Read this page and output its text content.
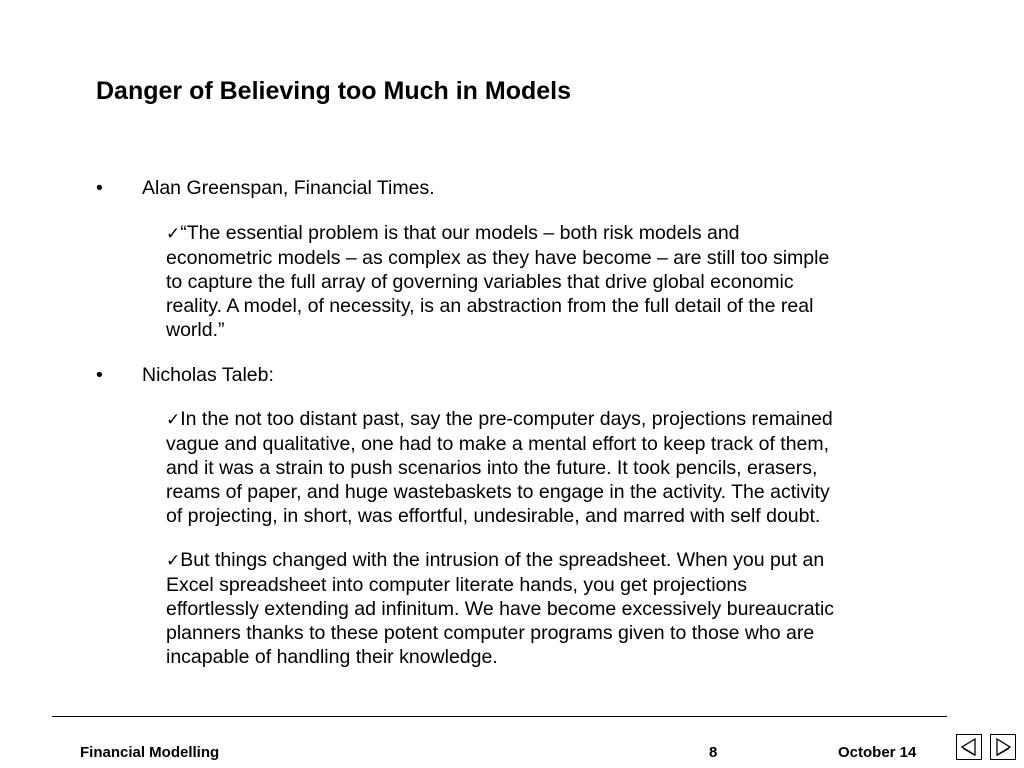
Danger of Believing too Much in Models
• Alan Greenspan, Financial Times.
✓“The essential problem is that our models – both risk models and
econometric models – as complex as they have become – are still too simple
to capture the full array of governing variables that drive global economic
reality. A model, of necessity, is an abstraction from the full detail of the real
world.”
• Nicholas Taleb:
✓In the not too distant past, say the pre-computer days, projections remained
vague and qualitative, one had to make a mental effort to keep track of them,
and it was a strain to push scenarios into the future. It took pencils, erasers,
reams of paper, and huge wastebaskets to engage in the activity. The activity
of projecting, in short, was effortful, undesirable, and marred with self doubt.
✓But things changed with the intrusion of the spreadsheet. When you put an
Excel spreadsheet into computer literate hands, you get projections
effortlessly extending ad infinitum. We have become excessively bureaucratic
planners thanks to these potent computer programs given to those who are
incapable of handling their knowledge.
Financial Modelling	8	October 14
